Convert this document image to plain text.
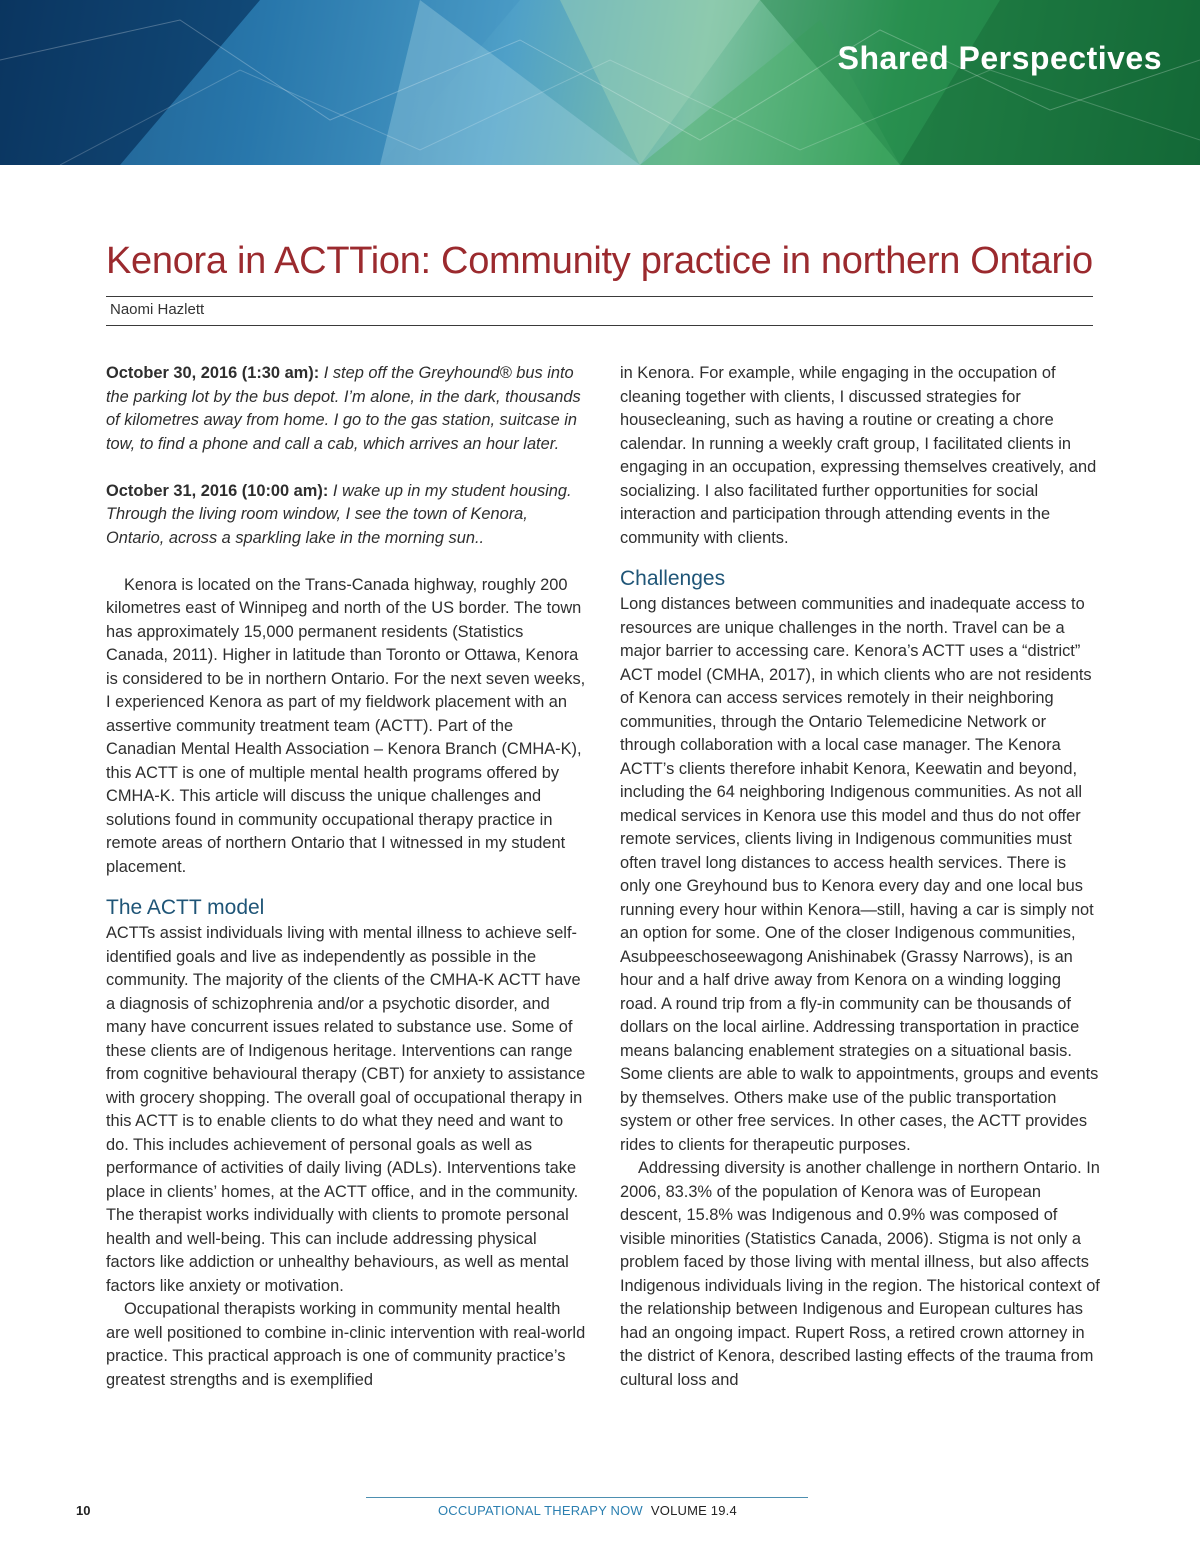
Shared Perspectives
Kenora in ACTTion: Community practice in northern Ontario
Naomi Hazlett

October 30, 2016 (1:30 am): I step off the Greyhound® bus into the parking lot by the bus depot. I’m alone, in the dark, thousands of kilometres away from home. I go to the gas station, suitcase in tow, to find a phone and call a cab, which arrives an hour later.

October 31, 2016 (10:00 am): I wake up in my student housing. Through the living room window, I see the town of Kenora, Ontario, across a sparkling lake in the morning sun..

Kenora is located on the Trans-Canada highway, roughly 200 kilometres east of Winnipeg and north of the US border. The town has approximately 15,000 permanent residents (Statistics Canada, 2011). Higher in latitude than Toronto or Ottawa, Kenora is considered to be in northern Ontario. For the next seven weeks, I experienced Kenora as part of my fieldwork placement with an assertive community treatment team (ACTT). Part of the Canadian Mental Health Association – Kenora Branch (CMHA-K), this ACTT is one of multiple mental health programs offered by CMHA-K. This article will discuss the unique challenges and solutions found in community occupational therapy practice in remote areas of northern Ontario that I witnessed in my student placement.

The ACTT model

ACTTs assist individuals living with mental illness to achieve self-identified goals and live as independently as possible in the community. The majority of the clients of the CMHA-K ACTT have a diagnosis of schizophrenia and/or a psychotic disorder, and many have concurrent issues related to substance use. Some of these clients are of Indigenous heritage. Interventions can range from cognitive behavioural therapy (CBT) for anxiety to assistance with grocery shopping. The overall goal of occupational therapy in this ACTT is to enable clients to do what they need and want to do. This includes achievement of personal goals as well as performance of activities of daily living (ADLs). Interventions take place in clients’ homes, at the ACTT office, and in the community. The therapist works individually with clients to promote personal health and well-being. This can include addressing physical factors like addiction or unhealthy behaviours, as well as mental factors like anxiety or motivation.

Occupational therapists working in community mental health are well positioned to combine in-clinic intervention with real-world practice. This practical approach is one of community practice’s greatest strengths and is exemplified

in Kenora. For example, while engaging in the occupation of cleaning together with clients, I discussed strategies for housecleaning, such as having a routine or creating a chore calendar. In running a weekly craft group, I facilitated clients in engaging in an occupation, expressing themselves creatively, and socializing. I also facilitated further opportunities for social interaction and participation through attending events in the community with clients.

Challenges

Long distances between communities and inadequate access to resources are unique challenges in the north. Travel can be a major barrier to accessing care. Kenora’s ACTT uses a “district” ACT model (CMHA, 2017), in which clients who are not residents of Kenora can access services remotely in their neighboring communities, through the Ontario Telemedicine Network or through collaboration with a local case manager. The Kenora ACTT’s clients therefore inhabit Kenora, Keewatin and beyond, including the 64 neighboring Indigenous communities. As not all medical services in Kenora use this model and thus do not offer remote services, clients living in Indigenous communities must often travel long distances to access health services. There is only one Greyhound bus to Kenora every day and one local bus running every hour within Kenora—still, having a car is simply not an option for some. One of the closer Indigenous communities, Asubpeeschoseewagong Anishinabek (Grassy Narrows), is an hour and a half drive away from Kenora on a winding logging road. A round trip from a fly-in community can be thousands of dollars on the local airline. Addressing transportation in practice means balancing enablement strategies on a situational basis. Some clients are able to walk to appointments, groups and events by themselves. Others make use of the public transportation system or other free services. In other cases, the ACTT provides rides to clients for therapeutic purposes.

Addressing diversity is another challenge in northern Ontario. In 2006, 83.3% of the population of Kenora was of European descent, 15.8% was Indigenous and 0.9% was composed of visible minorities (Statistics Canada, 2006). Stigma is not only a problem faced by those living with mental illness, but also affects Indigenous individuals living in the region. The historical context of the relationship between Indigenous and European cultures has had an ongoing impact. Rupert Ross, a retired crown attorney in the district of Kenora, described lasting effects of the trauma from cultural loss and

10	OCCUPATIONAL THERAPY NOW VOLUME 19.4
